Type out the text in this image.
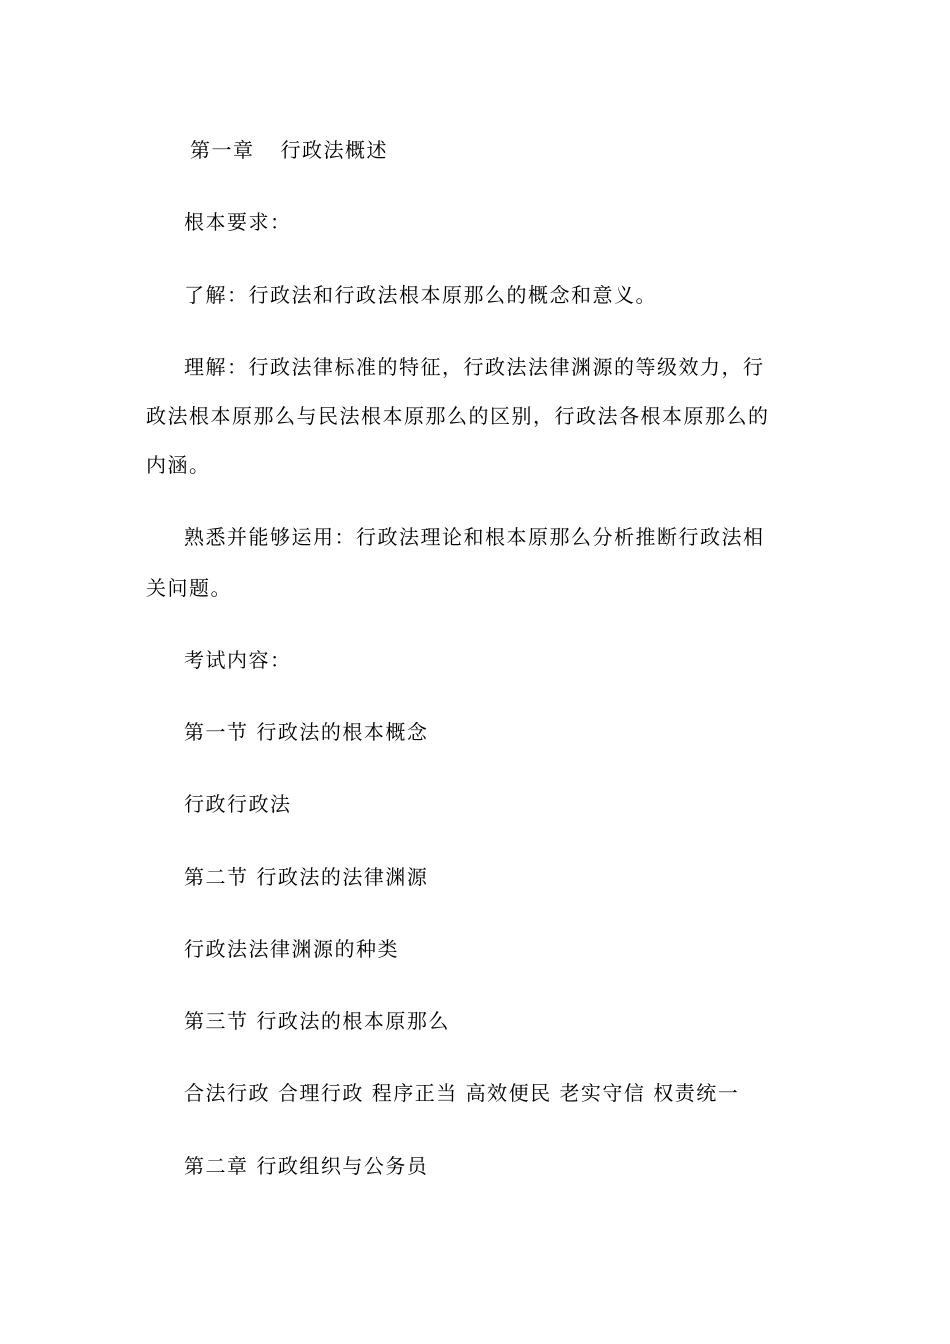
第一章 行政法概述
根本要求：
了解：行政法和行政法根本原那么的概念和意义。
理解：行政法律标准的特征，行政法法律渊源的等级效力，行
政法根本原那么与民法根本原那么的区别，行政法各根本原那么的
内涵。
熟悉并能够运用：行政法理论和根本原那么分析推断行政法相
关问题。
考试内容：
第一节 行政法的根本概念
行政行政法
第二节 行政法的法律渊源
行政法法律渊源的种类
第三节 行政法的根本原那么
合法行政 合理行政 程序正当 高效便民 老实守信 权责统一
第二章 行政组织与公务员
